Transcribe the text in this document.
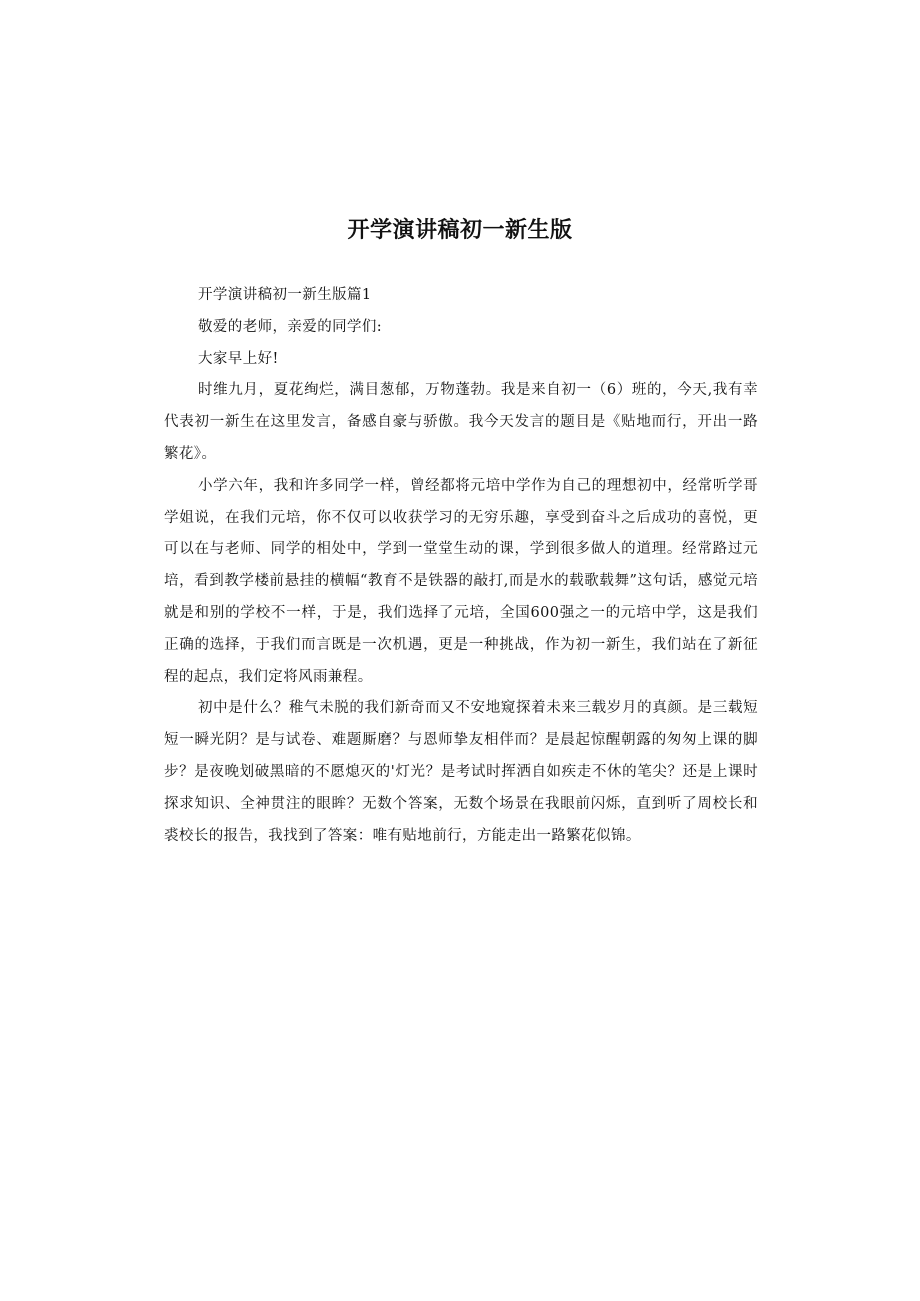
开学演讲稿初一新生版

开学演讲稿初一新生版篇1

敬爱的老师，亲爱的同学们:

大家早上好!

时维九月，夏花绚烂，满目葱郁，万物蓬勃。我是来自初一（6）班的，今天,我有幸代表初一新生在这里发言，备感自豪与骄傲。我今天发言的题目是《贴地而行，开出一路繁花》。

小学六年，我和许多同学一样，曾经都将元培中学作为自己的理想初中，经常听学哥学姐说，在我们元培，你不仅可以收获学习的无穷乐趣，享受到奋斗之后成功的喜悦，更可以在与老师、同学的相处中，学到一堂堂生动的课，学到很多做人的道理。经常路过元培，看到教学楼前悬挂的横幅“教育不是铁器的敲打,而是水的载歌载舞”这句话，感觉元培就是和别的学校不一样，于是，我们选择了元培，全国600强之一的元培中学，这是我们正确的选择，于我们而言既是一次机遇，更是一种挑战，作为初一新生，我们站在了新征程的起点，我们定将风雨兼程。

初中是什么？稚气未脱的我们新奇而又不安地窥探着未来三载岁月的真颜。是三载短短一瞬光阴？是与试卷、难题厮磨？与恩师挚友相伴而？是晨起惊醒朝露的匆匆上课的脚步？是夜晚划破黑暗的不愿熄灭的'灯光？是考试时挥洒自如疾走不休的笔尖？还是上课时探求知识、全神贯注的眼眸？无数个答案，无数个场景在我眼前闪烁，直到听了周校长和裘校长的报告，我找到了答案：唯有贴地前行，方能走出一路繁花似锦。
